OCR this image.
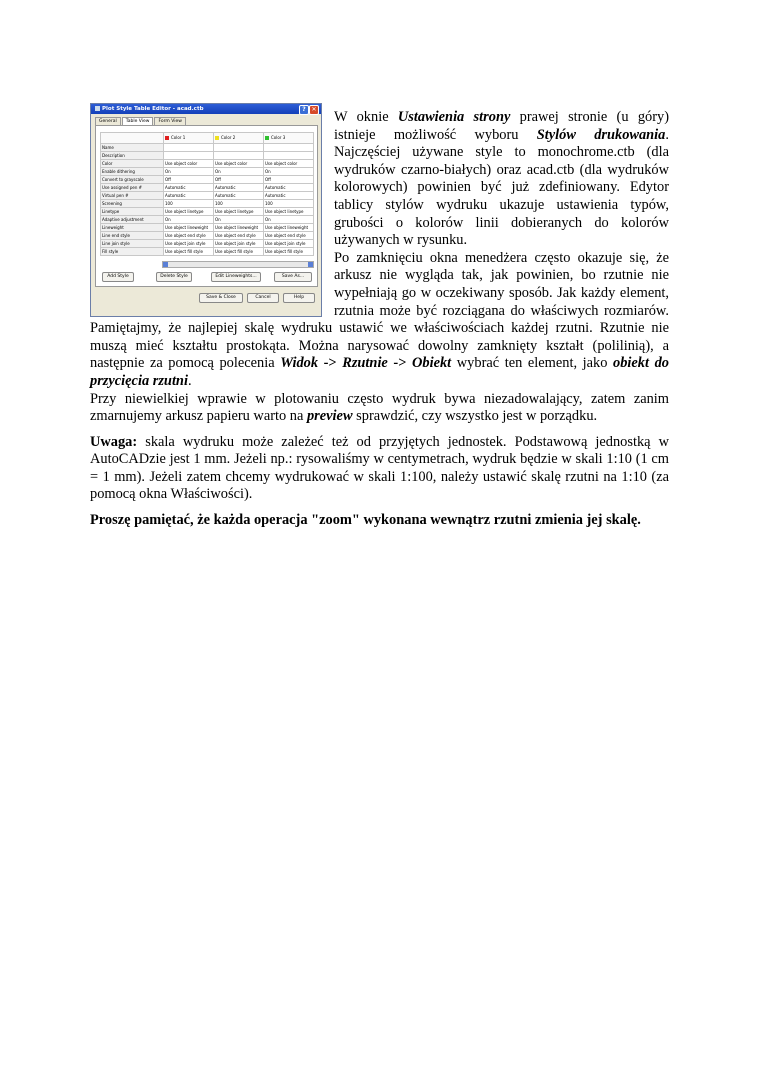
Plot Style Table Editor - acad.ctb	? ✕
General	Table View	Form View
	Color 1	Color 2	Color 3
Name			
Description			
Color	Use object color	Use object color	Use object color
Enable dithering	On	On	On
Convert to grayscale	Off	Off	Off
Use assigned pen #	Automatic	Automatic	Automatic
Virtual pen #	Automatic	Automatic	Automatic
Screening	100	100	100
Linetype	Use object linetype	Use object linetype	Use object linetype
Adaptive adjustment	On	On	On
Lineweight	Use object lineweight	Use object lineweight	Use object lineweight
Line end style	Use object end style	Use object end style	Use object end style
Line join style	Use object join style	Use object join style	Use object join style
Fill style	Use object fill style	Use object fill style	Use object fill style
Add Style	Delete Style	Edit Lineweights...	Save As...
Save & Close	Cancel	Help

W oknie Ustawienia strony prawej stronie (u góry) istnieje możliwość wyboru Stylów drukowania. Najczęściej używane style to monochrome.ctb (dla wydruków czarno-białych) oraz acad.ctb (dla wydruków kolorowych) powinien być już zdefiniowany. Edytor tablicy stylów wydruku ukazuje ustawienia typów, grubości o kolorów linii dobieranych do kolorów używanych w rysunku.

Po zamknięciu okna menedżera często okazuje się, że arkusz nie wygląda tak, jak powinien, bo rzutnie nie wypełniają go w oczekiwany sposób. Jak każdy element, rzutnia może być rozciągana do właściwych rozmiarów. Pamiętajmy, że najlepiej skalę wydruku ustawić we właściwościach każdej rzutni. Rzutnie nie muszą mieć kształtu prostokąta. Można narysować dowolny zamknięty kształt (polilinią), a następnie za pomocą polecenia Widok -> Rzutnie -> Obiekt wybrać ten element, jako obiekt do przycięcia rzutni.

Przy niewielkiej wprawie w plotowaniu często wydruk bywa niezadowalający, zatem zanim zmarnujemy arkusz papieru warto na preview sprawdzić, czy wszystko jest w porządku.

Uwaga: skala wydruku może zależeć też od przyjętych jednostek. Podstawową jednostką w AutoCADzie jest 1 mm. Jeżeli np.: rysowaliśmy w centymetrach, wydruk będzie w skali 1:10 (1 cm = 1 mm). Jeżeli zatem chcemy wydrukować w skali 1:100, należy ustawić skalę rzutni na 1:10 (za pomocą okna Właściwości).

Proszę pamiętać, że każda operacja "zoom" wykonana wewnątrz rzutni zmienia jej skalę.
